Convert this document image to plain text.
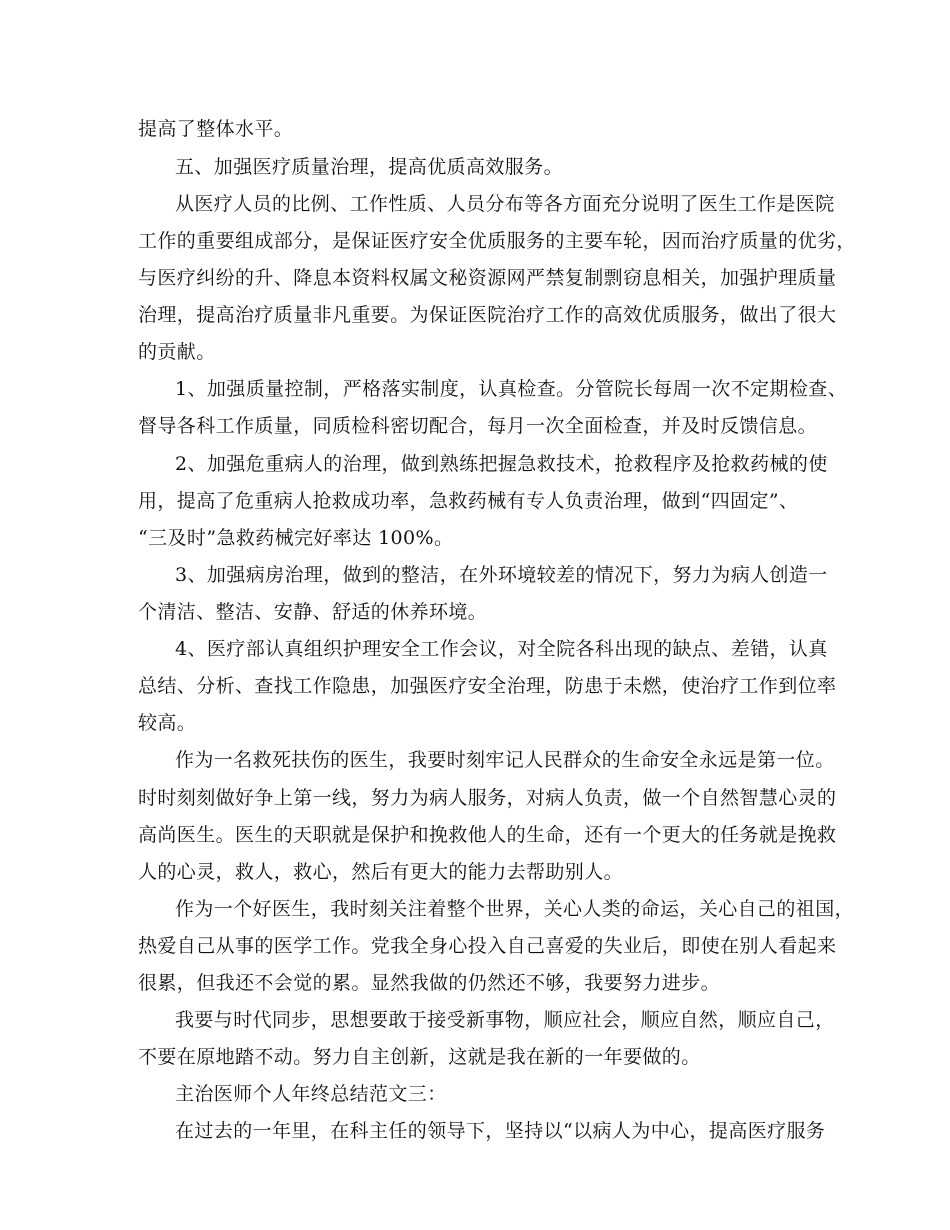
提高了整体水平。
五、加强医疗质量治理，提高优质高效服务。
从医疗人员的比例、工作性质、人员分布等各方面充分说明了医生工作是医院
工作的重要组成部分，是保证医疗安全优质服务的主要车轮，因而治疗质量的优劣，
与医疗纠纷的升、降息本资料权属文秘资源网严禁复制剽窃息相关，加强护理质量
治理，提高治疗质量非凡重要。为保证医院治疗工作的高效优质服务，做出了很大
的贡献。
1、加强质量控制，严格落实制度，认真检查。分管院长每周一次不定期检查、
督导各科工作质量，同质检科密切配合，每月一次全面检查，并及时反馈信息。
2、加强危重病人的治理，做到熟练把握急救技术，抢救程序及抢救药械的使
用，提高了危重病人抢救成功率，急救药械有专人负责治理，做到“四固定”、
“三及时”急救药械完好率达 100%。
3、加强病房治理，做到的整洁，在外环境较差的情况下，努力为病人创造一
个清洁、整洁、安静、舒适的休养环境。
4、医疗部认真组织护理安全工作会议，对全院各科出现的缺点、差错，认真
总结、分析、查找工作隐患，加强医疗安全治理，防患于未燃，使治疗工作到位率
较高。
作为一名救死扶伤的医生，我要时刻牢记人民群众的生命安全永远是第一位。
时时刻刻做好争上第一线，努力为病人服务，对病人负责，做一个自然智慧心灵的
高尚医生。医生的天职就是保护和挽救他人的生命，还有一个更大的任务就是挽救
人的心灵，救人，救心，然后有更大的能力去帮助别人。
作为一个好医生，我时刻关注着整个世界，关心人类的命运，关心自己的祖国，
热爱自己从事的医学工作。党我全身心投入自己喜爱的失业后，即使在别人看起来
很累，但我还不会觉的累。显然我做的仍然还不够，我要努力进步。
我要与时代同步，思想要敢于接受新事物，顺应社会，顺应自然，顺应自己，
不要在原地踏不动。努力自主创新，这就是我在新的一年要做的。
主治医师个人年终总结范文三：
在过去的一年里，在科主任的领导下，坚持以“以病人为中心，提高医疗服务
